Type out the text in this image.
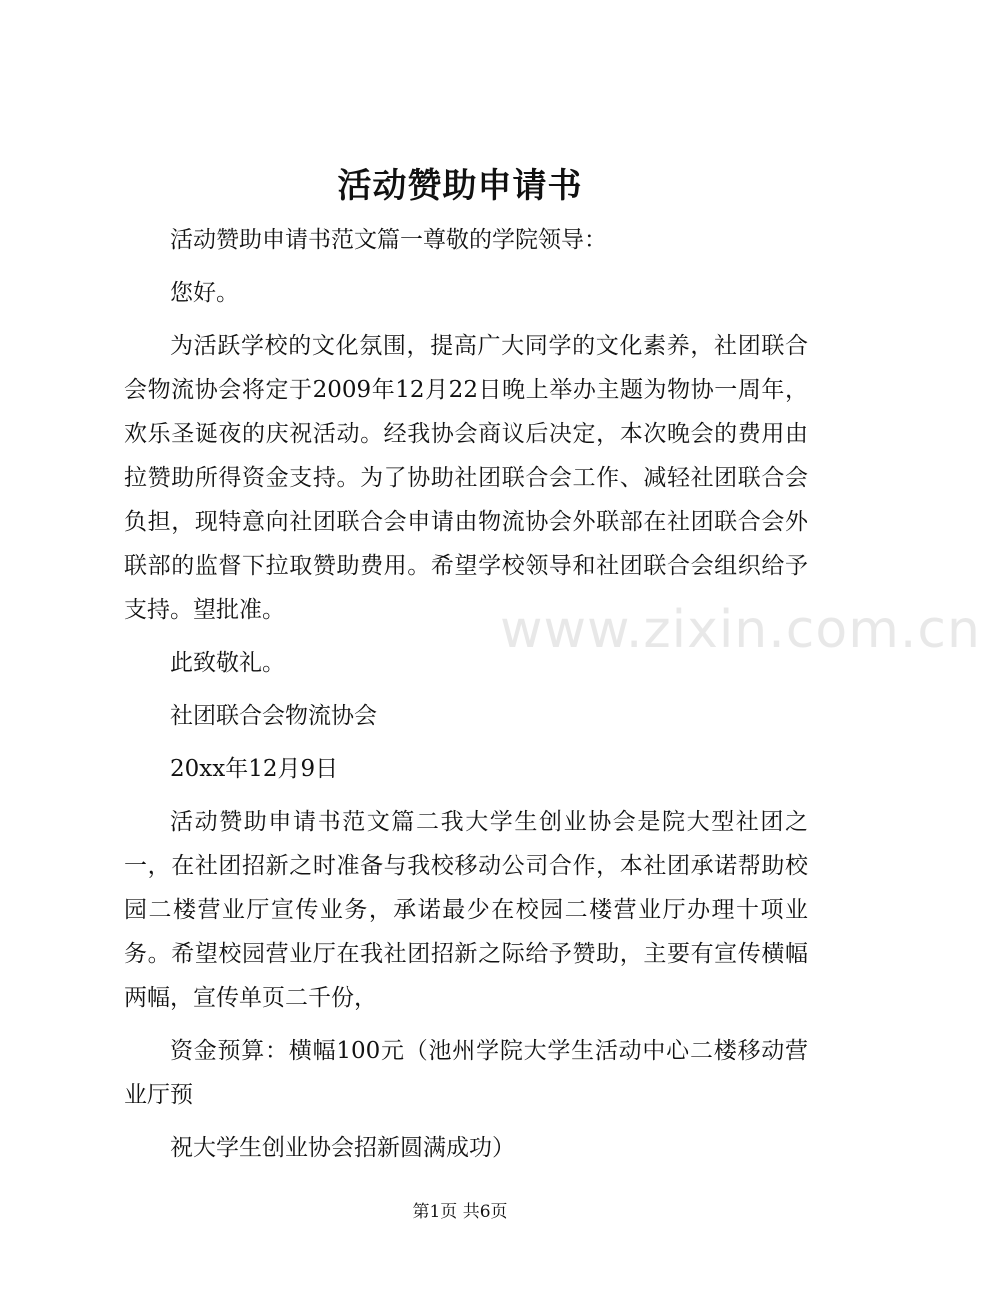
活动赞助申请书

活动赞助申请书范文篇一尊敬的学院领导：

您好。

为活跃学校的文化氛围，提高广大同学的文化素养，社团联合会物流协会将定于2009年12月22日晚上举办主题为物协一周年，欢乐圣诞夜的庆祝活动。经我协会商议后决定，本次晚会的费用由拉赞助所得资金支持。为了协助社团联合会工作、减轻社团联合会负担，现特意向社团联合会申请由物流协会外联部在社团联合会外联部的监督下拉取赞助费用。希望学校领导和社团联合会组织给予支持。望批准。

此致敬礼。

社团联合会物流协会

20xx年12月9日

活动赞助申请书范文篇二我大学生创业协会是院大型社团之一，在社团招新之时准备与我校移动公司合作，本社团承诺帮助校园二楼营业厅宣传业务，承诺最少在校园二楼营业厅办理十项业务。希望校园营业厅在我社团招新之际给予赞助，主要有宣传横幅两幅，宣传单页二千份，

资金预算：横幅100元（池州学院大学生活动中心二楼移动营业厅预

祝大学生创业协会招新圆满成功）

www.zixin.com.cn
第1页 共6页
